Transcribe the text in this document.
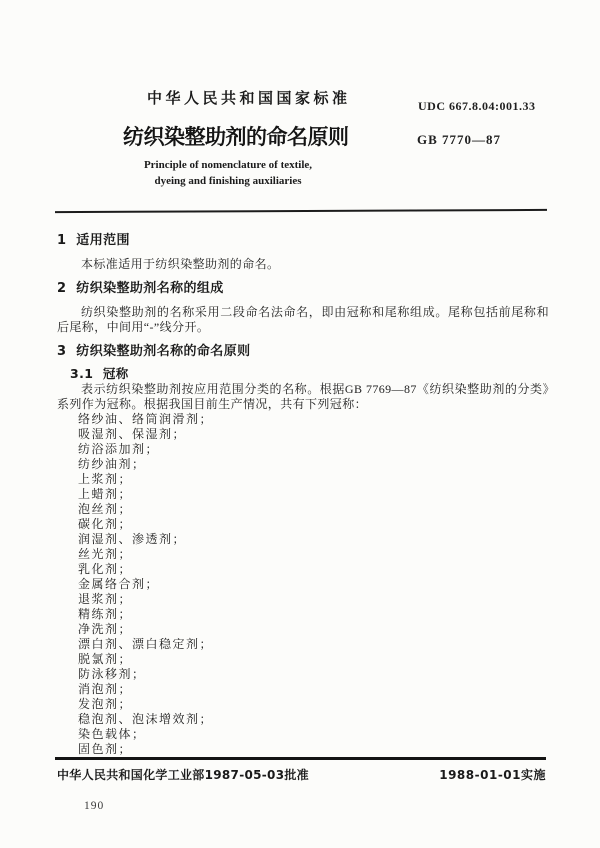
中华人民共和国国家标准	UDC 667.8.04:001.33
纺织染整助剂的命名原则	GB 7770—87
Principle of nomenclature of textile,
dyeing and finishing auxiliaries
1  适用范围
本标准适用于纺织染整助剂的命名。
2  纺织染整助剂名称的组成
纺织染整助剂的名称采用二段命名法命名，即由冠称和尾称组成。尾称包括前尾称和后尾称，中间用“-”线分开。
3  纺织染整助剂名称的命名原则
3.1  冠称
表示纺织染整助剂按应用范围分类的名称。根据GB 7769—87《纺织染整助剂的分类》系列作为冠称。根据我国目前生产情况，共有下列冠称：
络纱油、络筒润滑剂；
吸湿剂、保湿剂；
纺浴添加剂；
纺纱油剂；
上浆剂；
上蜡剂；
泡丝剂；
碳化剂；
润湿剂、渗透剂；
丝光剂；
乳化剂；
金属络合剂；
退浆剂；
精练剂；
净洗剂；
漂白剂、漂白稳定剂；
脱氯剂；
防泳移剂；
消泡剂；
发泡剂；
稳泡剂、泡沫增效剂；
染色载体；
固色剂；
中华人民共和国化学工业部1987-05-03批准	1988-01-01实施
190
